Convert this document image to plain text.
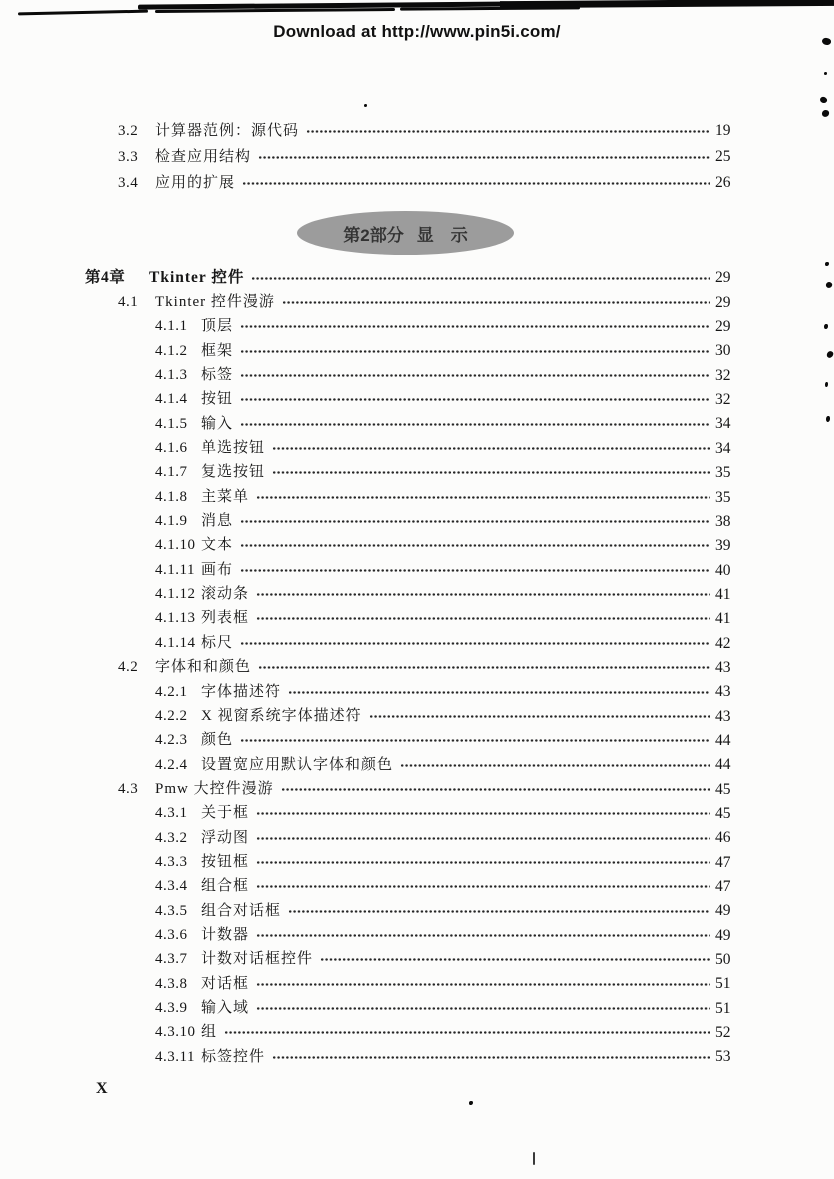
Download at http://www.pin5i.com/
3.2	计算器范例：源代码	19
3.3	检查应用结构	25
3.4	应用的扩展	26
第2部分 显　示
第4章	Tkinter 控件	29
4.1	Tkinter 控件漫游	29
4.1.1 顶层	29
4.1.2 框架	30
4.1.3 标签	32
4.1.4 按钮	32
4.1.5 输入	34
4.1.6 单选按钮	34
4.1.7 复选按钮	35
4.1.8 主菜单	35
4.1.9 消息	38
4.1.10 文本	39
4.1.11 画布	40
4.1.12 滚动条	41
4.1.13 列表框	41
4.1.14 标尺	42
4.2	字体和和颜色	43
4.2.1 字体描述符	43
4.2.2 X 视窗系统字体描述符	43
4.2.3 颜色	44
4.2.4 设置宽应用默认字体和颜色	44
4.3	Pmw 大控件漫游	45
4.3.1 关于框	45
4.3.2 浮动图	46
4.3.3 按钮框	47
4.3.4 组合框	47
4.3.5 组合对话框	49
4.3.6 计数器	49
4.3.7 计数对话框控件	50
4.3.8 对话框	51
4.3.9 输入域	51
4.3.10 组	52
4.3.11 标签控件	53
X
